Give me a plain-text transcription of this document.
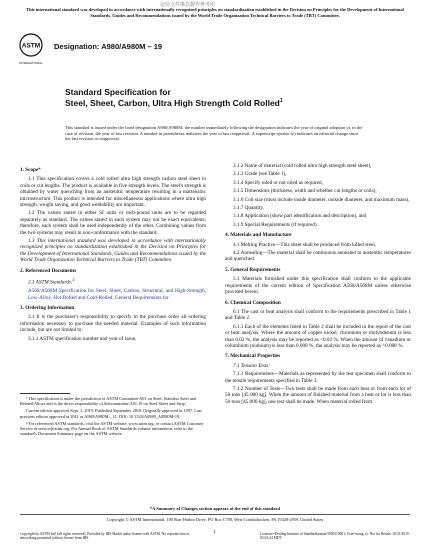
這份文件係為製作參考用
This international standard was developed in accordance with internationally recognized principles on standardization established in the Decision on Principles for the Development of International Standards, Guides and Recommendations issued by the World Trade Organization Technical Barriers to Trade (TBT) Committee.
ASTM
INTERNATIONAL
Designation: A980/A980M – 19
Standard Specification for
Steel, Sheet, Carbon, Ultra High Strength Cold Rolled$^1$
This standard is issued under the fixed designation A980/A980M; the number immediately following the designation indicates the year of original adoption or, in the case of revision, the year of last revision. A number in parentheses indicates the year of last reapproval. A superscript epsilon (ε) indicates an editorial change since the last revision or reapproval.
1. Scope*
1.1 This specification covers a cold rolled ultra high strength carbon steel sheet in coils or cut lengths. The product is available in five strength levels. The steel's strength is obtained by water quenching from an austenitic temperature resulting in a martensitic microstructure. This product is intended for miscellaneous applications where ultra high strength, weight saving, and good weldability are important.
1.2 The values stated in either SI units or inch-pound units are to be regarded separately as standard. The values stated in each system may not be exact equivalents; therefore, each system shall be used independently of the other. Combining values from the two systems may result in non-conformance with the standard.
1.3 This international standard was developed in accordance with internationally recognized principles on standardization established in the Decision on Principles for the Development of International Standards, Guides and Recommendations issued by the World Trade Organization Technical Barriers to Trade (TBT) Committee.
2. Referenced Documents
2.1 ASTM Standards:$^2$
A568/A568M Specification for Steel, Sheet, Carbon, Structural, and High-Strength, Low-Alloy, Hot-Rolled and Cold-Rolled, General Requirements for
3. Ordering Information
3.1 It is the purchaser's responsibility to specify in the purchase order all ordering information necessary to purchase the needed material. Examples of such information include, but are not limited to:
3.1.1 ASTM specification number and year of issue,
¹ This specification is under the jurisdiction of ASTM Committee A01 on Steel, Stainless Steel and Related Alloys and is the direct responsibility of Subcommittee A01.19 on Steel Sheet and Strip.
Current edition approved Sept. 1, 2019. Published September 2019. Originally approved in 1997. Last previous edition approved in 2011 as A980/A980M – 11. DOI: 10.1520/A0980_A0980M-19.
² For referenced ASTM standards, visit the ASTM website, www.astm.org, or contact ASTM Customer Service at service@astm.org. For Annual Book of ASTM Standards volume information, refer to the standard's Document Summary page on the ASTM website.
3.1.2 Name of material (cold rolled ultra high strength steel sheet),
3.1.3 Grade (see Table 1),
3.1.4 Specify oiled or not oiled as required,
3.1.5 Dimensions (thickness, width and whether cut lengths or coils),
3.1.6 Coil size (must include inside diameter, outside diameter, and maximum mass),
3.1.7 Quantity,
3.1.8 Application (show part identification and description), and
3.1.9 Special Requirements (if required).
4. Materials and Manufacture
4.1 Melting Practice—This sheet shall be produced from killed steel.
4.2 Annealing—The material shall be continuous annealed to austenitic temperatures and quenched.
5. General Requirements
5.1 Materials furnished under this specification shall conform to the applicable requirements of the current edition of Specification A568/A568M unless otherwise provided herein.
6. Chemical Composition
6.1 The cast or heat analysis shall conform to the requirements prescribed in Table 1 and Table 2.
6.1.1 Each of the elements listed in Table 2 shall be included in the report of the cast or heat analysis. Where the amount of copper nickel, chromium or molybdenum is less than 0.02 %, the analysis may be reported as <0.02 %. When the amount of vanadium or columbium (niobium) is less than 0.008 %, the analysis may be reported as <0.008 %.
7. Mechanical Properties
7.1 Tension Tests:
7.1.1 Requirements—Materials as represented by the test specimen shall conform to the tensile requirements specified in Table 3.
7.1.2 Number of Tests—Two tests shall be made from each heat or from each lot of 50 tons [45 000 kg]. When the amount of finished material from a heat or lot is less than 50 tons [45 000 kg], one test shall be made. When material rolled from
*A Summary of Changes section appears at the end of this standard
Copyright © ASTM International, 100 Barr Harbor Drive, PO Box C700, West Conshohocken, PA 19428-2959. United States
Copyright by ASTM Int'l (all rights reserved); Provided by IHS Markit under license with ASTM. No reproduction or networking permitted without license from IHS
1	Licensee=Dealing Institute of Standardization/5090119001, User=wang, ty. Not for Resale, 10/21/2019 03:01:44 MDT
